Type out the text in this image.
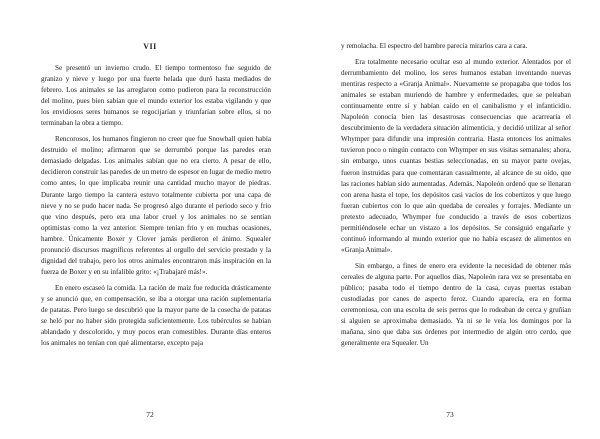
VII

Se presentó un invierno crudo. El tiempo tormentoso fue seguido de granizo y nieve y luego por una fuerte helada que duró hasta mediados de febrero. Los animales se las arreglaron como pudieron para la reconstrucción del molino, pues bien sabían que el mundo exterior los estaba vigilando y que los envidiosos seres humanos se regocijarían y triunfarían sobre ellos, si no terminaban la obra a tiempo.

Rencorosos, los humanos fingieron no creer que fue Snowball quien había destruido el molino; afirmaron que se derrumbó porque las paredes eran demasiado delgadas. Los animales sabían que no era cierto. A pesar de ello, decidieron construir las paredes de un metro de espesor en lugar de medio metro como antes, lo que implicaba reunir una cantidad mucho mayor de piedras. Durante largo tiempo la cantera estuvo totalmente cubierta por una capa de nieve y no se pudo hacer nada. Se progresó algo durante el periodo seco y frío que vino después, pero era una labor cruel y los animales no se sentían optimistas como la vez anterior. Siempre tenían frío y en muchas ocasiones, hambre. Únicamente Boxer y Clover jamás perdieron el ánimo. Squealer pronunció discursos magníficos referentes al orgullo del servicio prestado y la dignidad del trabajo, pero los otros animales encontraron más inspiración en la fuerza de Boxer y en su infalible grito: «¡Trabajaré más!».

En enero escaseó la comida. La ración de maíz fue reducida drásticamente y se anunció que, en compensación, se iba a otorgar una ración suplementaria de patatas. Pero luego se descubrió que la mayor parte de la cosecha de patatas se heló por no haber sido protegida suficientemente. Los tubérculos se habían ablandado y descolorido, y muy pocos eran comestibles. Durante días enteros los animales no tenían con qué alimentarse, excepto paja

72

y remolacha. El espectro del hambre parecía mirarlos cara a cara.

Era totalmente necesario ocultar eso al mundo exterior. Alentados por el derrumbamiento del molino, los seres humanos estaban inventando nuevas mentiras respecto a «Granja Animal». Nuevamente se propagaba que todos los animales se estaban muriendo de hambre y enfermedades, que se peleaban continuamente entre sí y habían caído en el canibalismo y el infanticidio. Napoleón conocía bien las desastrosas consecuencias que acarrearía el descubrimiento de la verdadera situación alimenticia, y decidió utilizar al señor Whymper para difundir una impresión contraria. Hasta entonces los animales tuvieron poco o ningún contacto con Whymper en sus visitas semanales; ahora, sin embargo, unos cuantas bestias seleccionadas, en su mayor parte ovejas, fueron instruidas para que comentaran casualmente, al alcance de su oído, que las raciones habían sido aumentadas. Además, Napoleón ordenó que se llenaran con arena hasta el tope, los depósitos casi vacíos de los cobertizos y que luego fueran cubiertos con lo que aún quedaba de cereales y forrajes. Mediante un pretexto adecuado, Whymper fue conducido a través de esos cobertizos permitiéndosele echar un vistazo a los depósitos. Se consiguió engañarle y continuó informando al mundo exterior que no había escasez de alimentos en «Granja Animal».

Sin embargo, a fines de enero era evidente la necesidad de obtener más cereales de alguna parte. Por aquellos días, Napoleón rara vez se presentaba en público; pasaba todo el tiempo dentro de la casa, cuyas puertas estaban custodiadas por canes de aspecto feroz. Cuando aparecía, era en forma ceremoniosa, con una escolta de seis perros que lo rodeaban de cerca y gruñían si alguien se aproximaba demasiado. Ya ni se le veía los domingos por la mañana, sino que daba sus órdenes por intermedio de algún otro cerdo, que generalmente era Squealer. Un

73
